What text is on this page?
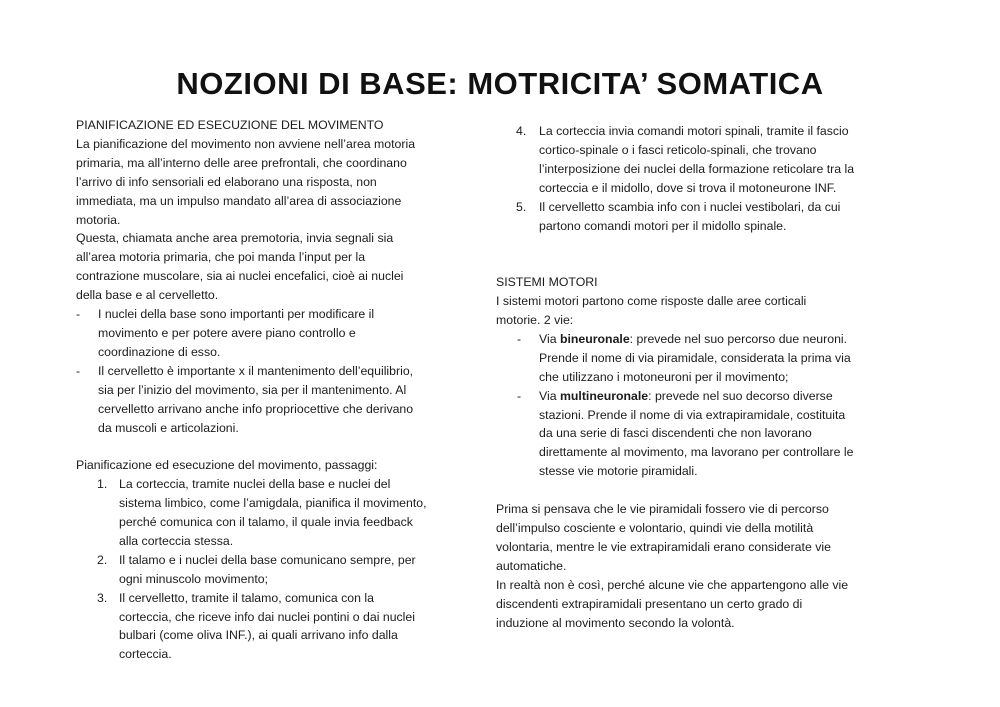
NOZIONI DI BASE: MOTRICITA’ SOMATICA
PIANIFICAZIONE ED ESECUZIONE DEL MOVIMENTO
La pianificazione del movimento non avviene nell’area motoria
primaria, ma all’interno delle aree prefrontali, che coordinano
l’arrivo di info sensoriali ed elaborano una risposta, non
immediata, ma un impulso mandato all’area di associazione
motoria.
Questa, chiamata anche area premotoria, invia segnali sia
all’area motoria primaria, che poi manda l’input per la
contrazione muscolare, sia ai nuclei encefalici, cioè ai nuclei
della base e al cervelletto.
- I nuclei della base sono importanti per modificare il
movimento e per potere avere piano controllo e
coordinazione di esso.
- Il cervelletto è importante x il mantenimento dell’equilibrio,
sia per l’inizio del movimento, sia per il mantenimento. Al
cervelletto arrivano anche info propriocettive che derivano
da muscoli e articolazioni.
Pianificazione ed esecuzione del movimento, passaggi:
1. La corteccia, tramite nuclei della base e nuclei del
sistema limbico, come l’amigdala, pianifica il movimento,
perché comunica con il talamo, il quale invia feedback
alla corteccia stessa.
2. Il talamo e i nuclei della base comunicano sempre, per
ogni minuscolo movimento;
3. Il cervelletto, tramite il talamo, comunica con la
corteccia, che riceve info dai nuclei pontini o dai nuclei
bulbari (come oliva INF.), ai quali arrivano info dalla
corteccia.
4. La corteccia invia comandi motori spinali, tramite il fascio
cortico-spinale o i fasci reticolo-spinali, che trovano
l’interposizione dei nuclei della formazione reticolare tra la
corteccia e il midollo, dove si trova il motoneurone INF.
5. Il cervelletto scambia info con i nuclei vestibolari, da cui
partono comandi motori per il midollo spinale.
SISTEMI MOTORI
I sistemi motori partono come risposte dalle aree corticali
motorie. 2 vie:
- Via bineuronale: prevede nel suo percorso due neuroni.
Prende il nome di via piramidale, considerata la prima via
che utilizzano i motoneuroni per il movimento;
- Via multineuronale: prevede nel suo decorso diverse
stazioni. Prende il nome di via extrapiramidale, costituita
da una serie di fasci discendenti che non lavorano
direttamente al movimento, ma lavorano per controllare le
stesse vie motorie piramidali.
Prima si pensava che le vie piramidali fossero vie di percorso
dell’impulso cosciente e volontario, quindi vie della motilità
volontaria, mentre le vie extrapiramidali erano considerate vie
automatiche.
In realtà non è così, perché alcune vie che appartengono alle vie
discendenti extrapiramidali presentano un certo grado di
induzione al movimento secondo la volontà.
